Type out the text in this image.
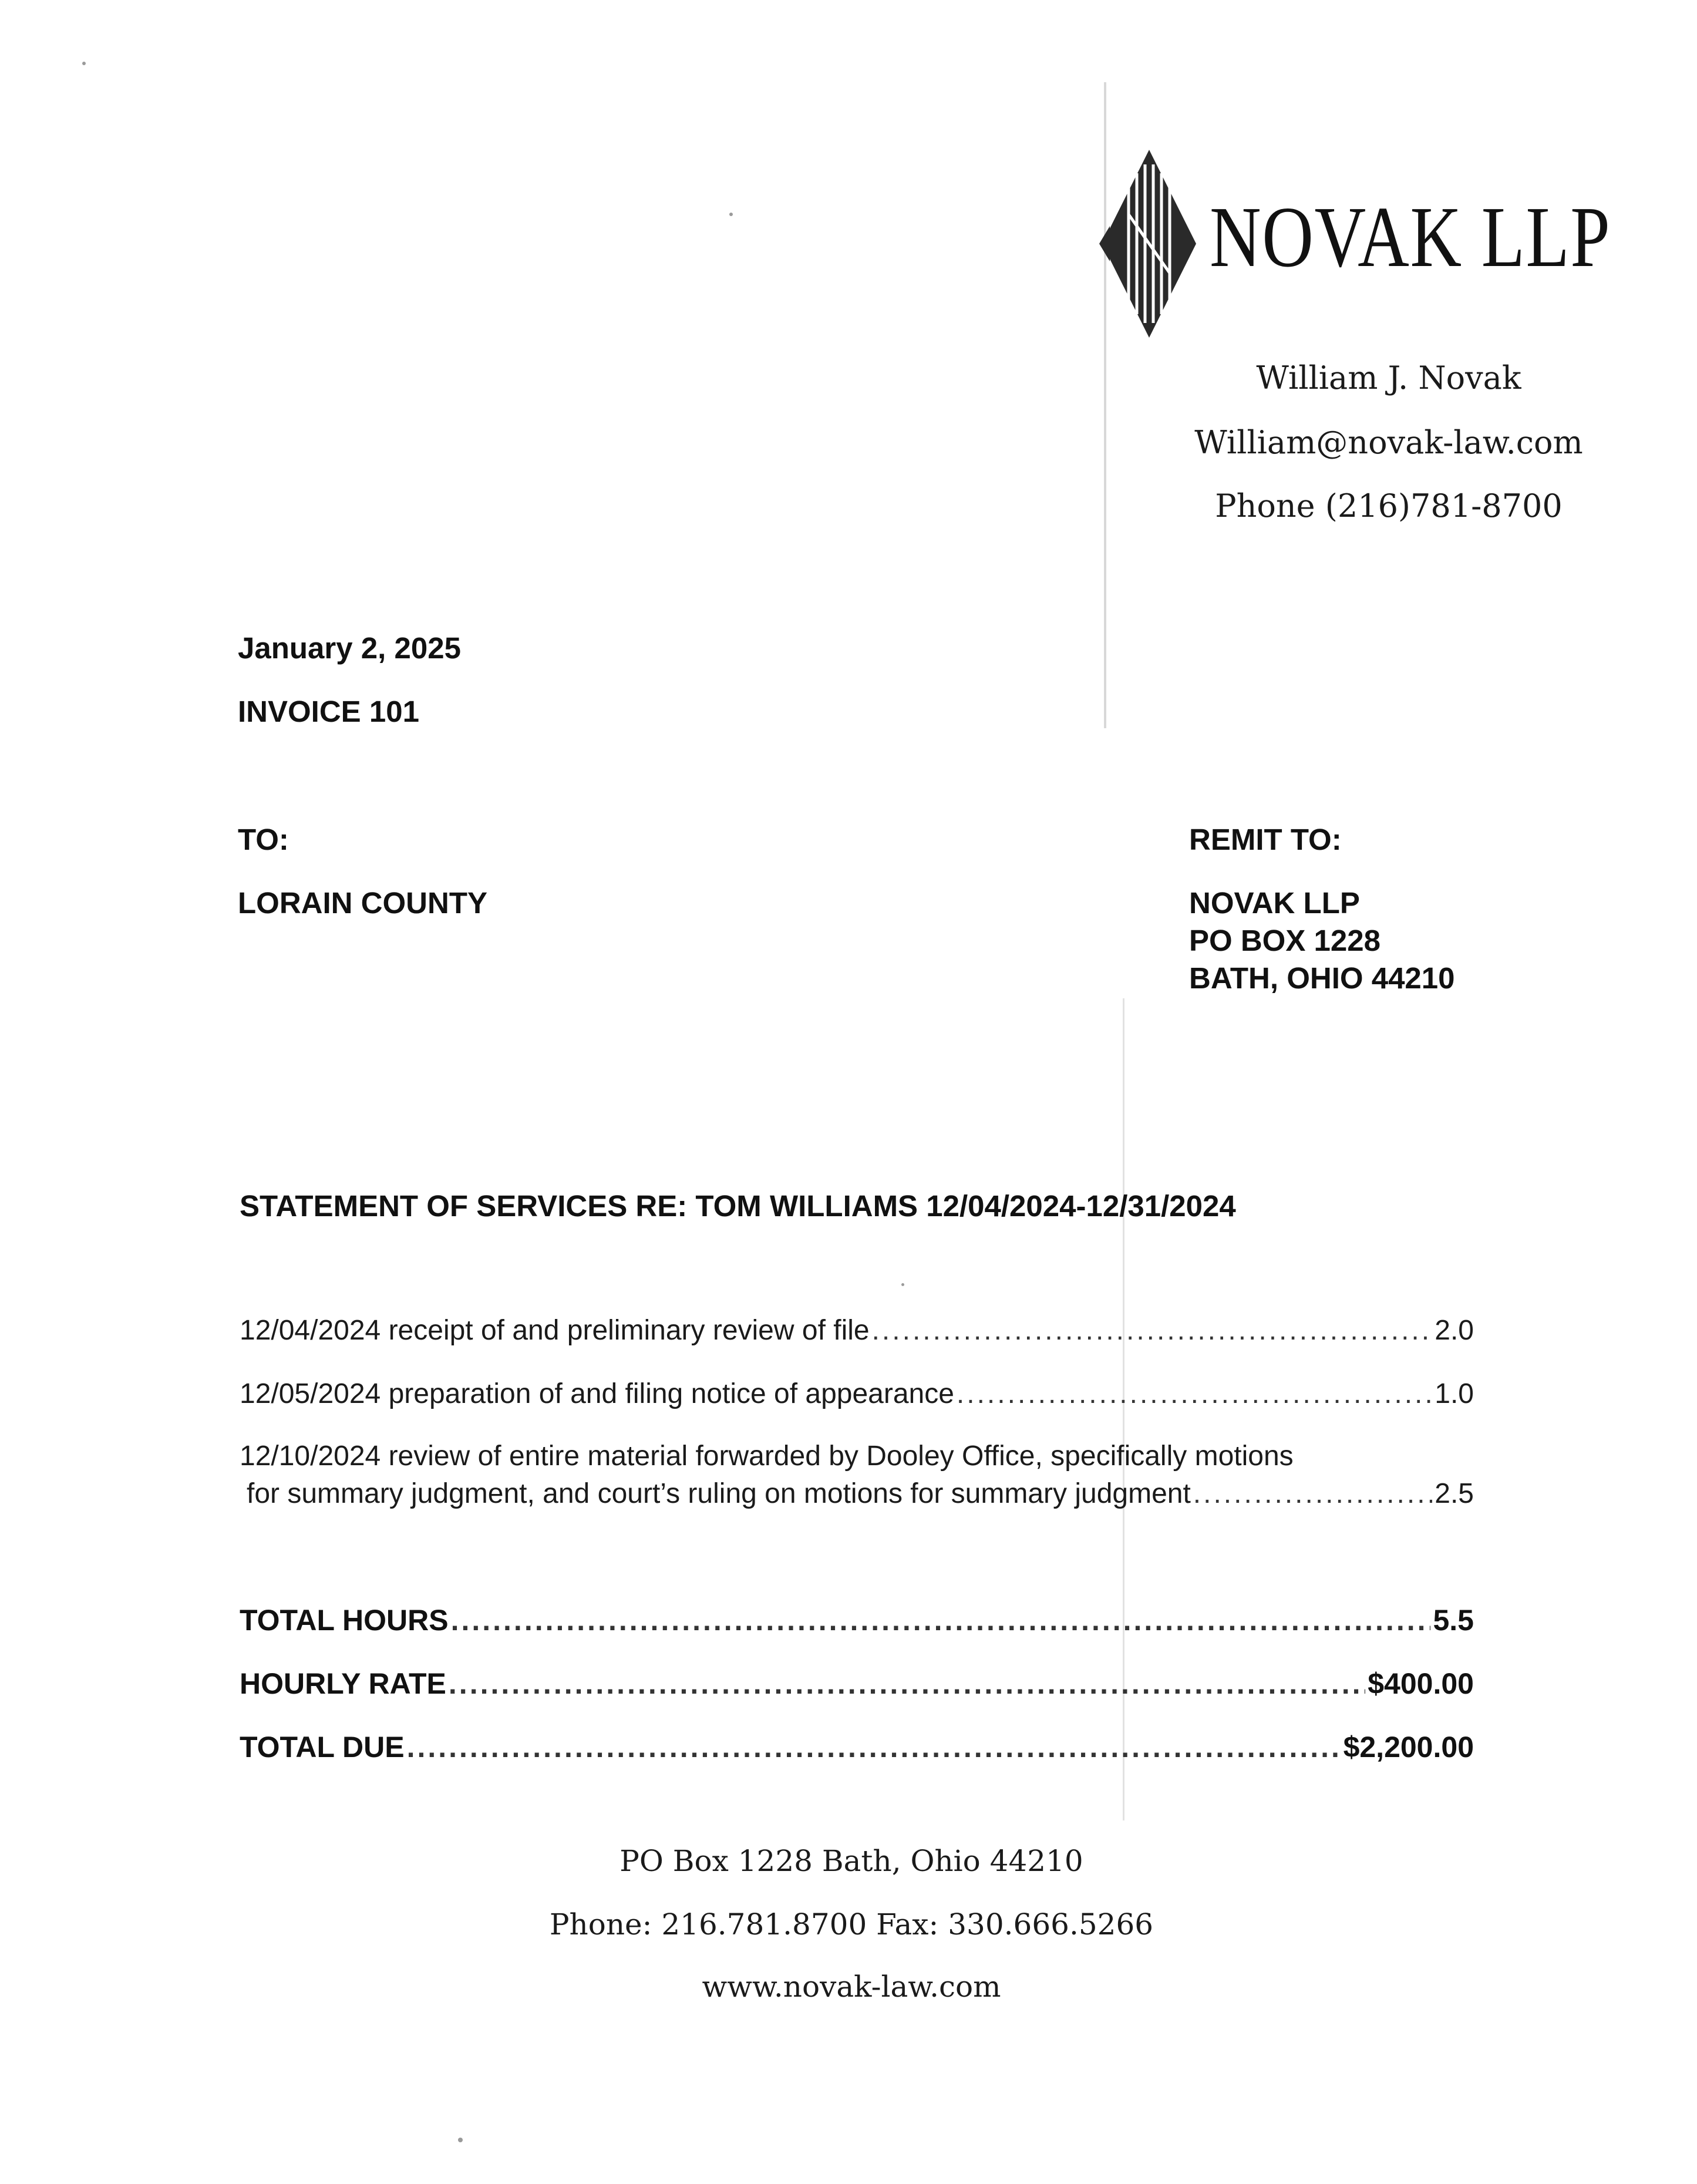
NOVAK LLP
William J. Novak
William@novak-law.com
Phone (216)781-8700
January 2, 2025
INVOICE 101
TO:
LORAIN COUNTY
REMIT TO:
NOVAK LLP
PO BOX 1228
BATH, OHIO 44210
STATEMENT OF SERVICES RE: TOM WILLIAMS 12/04/2024-12/31/2024
12/04/2024 receipt of and preliminary review of file .....	2.0
12/05/2024 preparation of and filing notice of appearance .....	1.0
12/10/2024 review of entire material forwarded by Dooley Office, specifically motions
for summary judgment, and court’s ruling on motions for summary judgment .....	2.5
TOTAL HOURS .....	5.5
HOURLY RATE .....	$400.00
TOTAL DUE .....	$2,200.00
PO Box 1228 Bath, Ohio 44210
Phone: 216.781.8700 Fax: 330.666.5266
www.novak-law.com
